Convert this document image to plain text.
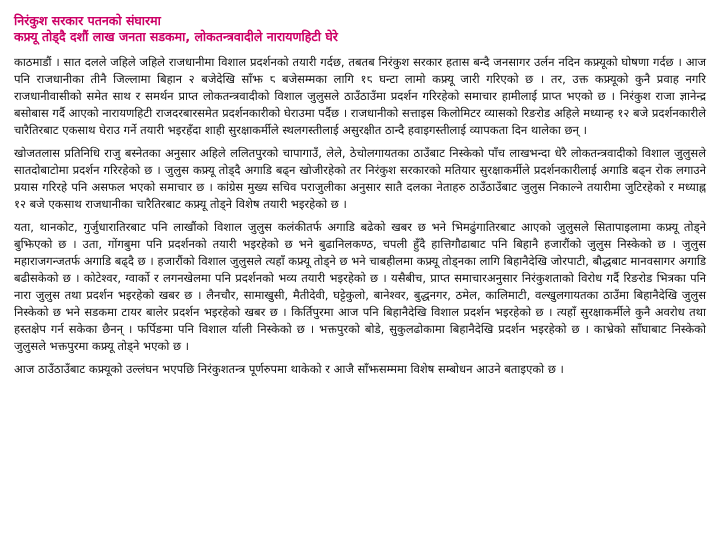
निरंकुश सरकार पतनको संघारमा
कफ्र्यू तोड्दै दशौं लाख जनता सडकमा, लोकतन्त्रवादीले नारायणहिटी घेरे

काठमाडौं । सात दलले जहिले जहिले राजधानीमा विशाल प्रदर्शनको तयारी गर्दछ, तबतब निरंकुश सरकार हतास बन्दै जनसागर उर्लन नदिन कफ्र्यूको घोषणा गर्दछ । आज पनि राजधानीका तीनै जिल्लामा बिहान २ बजेदेखि साँझ ८ बजेसम्मका लागि १८ घन्टा लामो कफ्र्यू जारी गरिएको छ । तर, उक्त कफ्र्यूको कुनै प्रवाह नगरि राजधानीवासीको समेत साथ र समर्थन प्राप्त लोकतन्त्रवादीको विशाल जुलुसले ठाउँठाउँमा प्रदर्शन गरिरहेको समाचार हामीलाई प्राप्त भएको छ । निरंकुश राजा ज्ञानेन्द्र बसोबास गर्दै आएको नारायणहिटी राजदरबारसमेत प्रदर्शनकारीको घेराउमा पर्दैछ । राजधानीको सत्ताइस किलोमिटर व्यासको रिङरोड अहिले मध्यान्ह १२ बजे प्रदर्शनकारीले चारैतिरबाट एकसाथ घेराउ गर्ने तयारी भइरहँदा शाही सुरक्षाकर्मीले स्थलगस्तीलाई असुरक्षीत ठान्दै हवाइगस्तीलाई व्यापकता दिन थालेका छन् ।

खोजतलास प्रतिनिधि राजु बस्नेतका अनुसार अहिले ललितपुरको चापागाउँ, लेले, ठेचोलगायतका ठाउँबाट निस्केको पाँच लाखभन्दा धेरै लोकतन्त्रवादीको विशाल जुलुसले सातदोबाटोमा प्रदर्शन गरिरहेको छ । जुलुस कफ्र्यू तोड्दै अगाडि बढ्न खोजीरहेको तर निरंकुश सरकारको मतियार सुरक्षाकर्मीले प्रदर्शनकारीलाई अगाडि बढ्न रोक लगाउने प्रयास गरिरहे पनि असफल भएको समाचार छ । कांग्रेस मुख्य सचिव पराजुलीका अनुसार सातै दलका नेताहरु ठाउँठाउँबाट जुलुस निकाल्ने तयारीमा जुटिरहेको र मध्याह्न १२ बजे एकसाथ राजधानीका चारैतिरबाट कफ्र्यू तोड्ने विशेष तयारी भइरहेको छ ।

यता, थानकोट, गुर्जुधारातिरबाट पनि लाखौंको विशाल जुलुस कलंकीतर्फ अगाडि बढेको खबर छ भने भिमढुंगातिरबाट आएको जुलुसले सितापाइलामा कफ्र्यू तोड्ने बुझिएको छ । उता, गोंगबुमा पनि प्रदर्शनको तयारी भइरहेको छ भने बुढानिलकण्ठ, चपली हुँदै हात्तिगौढाबाट पनि बिहानै हजारौंको जुलुस निस्केको छ । जुलुस महाराजगन्जतर्फ अगाडि बढ्दै छ । हजारौंको विशाल जुलुसले त्यहाँ कफ्र्यू तोड्ने छ भने चाबहीलमा कफ्र्यू तोड्नका लागि बिहानैदेखि जोरपाटी, बौद्धबाट मानवसागर अगाडि बढीसकेको छ । कोटेश्वर, ग्वार्को र लगनखेलमा पनि प्रदर्शनको भव्य तयारी भइरहेको छ । यसैबीच, प्राप्त समाचारअनुसार निरंकुशताको विरोध गर्दै रिङरोड भित्रका पनि नारा जुलुस तथा प्रदर्शन भइरहेको खबर छ । लैनचौर, सामाखुसी, मैतीदेवी, घट्टेकुलो, बानेश्वर, बुद्धनगर, ठमेल, कालिमाटी, वल्खुलगायतका ठाउँमा बिहानैदेखि जुलुस निस्केको छ भने सडकमा टायर बालेर प्रदर्शन भइरहेको खबर छ । किर्तिपुरमा आज पनि बिहानैदेखि विशाल प्रदर्शन भइरहेको छ । त्यहाँ सुरक्षाकर्मीले कुनै अवरोध तथा हस्तक्षेप गर्न सकेका छैनन् । फर्पिङमा पनि विशाल र्याली निस्केको छ । भक्तपुरको बोडे, सुकुलढोकामा बिहानैदेखि प्रदर्शन भइरहेको छ । काभ्रेको साँघाबाट निस्केको जुलुसले भक्तपुरमा कफ्र्यू तोड्ने भएको छ ।

आज ठाउँठाउँबाट कफ्र्यूको उल्लंघन भएपछि निरंकुशतन्त्र पूर्णरुपमा थाकेको र आजै साँझसम्ममा विशेष सम्बोधन आउने बताइएको छ ।
